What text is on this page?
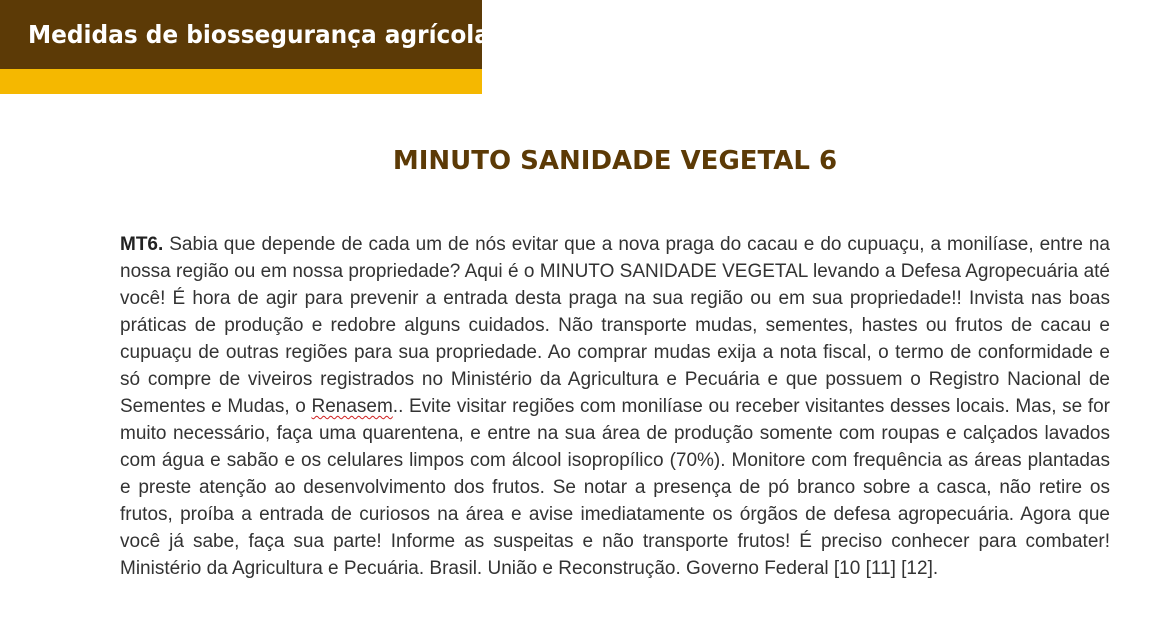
Medidas de biossegurança agrícola
MINUTO SANIDADE VEGETAL 6

MT6. Sabia que depende de cada um de nós evitar que a nova praga do cacau e do cupuaçu, a monilíase, entre na nossa região ou em nossa propriedade? Aqui é o MINUTO SANIDADE VEGETAL levando a Defesa Agropecuária até você! É hora de agir para prevenir a entrada desta praga na sua região ou em sua propriedade!! Invista nas boas práticas de produção e redobre alguns cuidados. Não transporte mudas, sementes, hastes ou frutos de cacau e cupuaçu de outras regiões para sua propriedade. Ao comprar mudas exija a nota fiscal, o termo de conformidade e só compre de viveiros registrados no Ministério da Agricultura e Pecuária e que possuem o Registro Nacional de Sementes e Mudas, o Renasem.. Evite visitar regiões com monilíase ou receber visitantes desses locais. Mas, se for muito necessário, faça uma quarentena, e entre na sua área de produção somente com roupas e calçados lavados com água e sabão e os celulares limpos com álcool isopropílico (70%). Monitore com frequência as áreas plantadas e preste atenção ao desenvolvimento dos frutos. Se notar a presença de pó branco sobre a casca, não retire os frutos, proíba a entrada de curiosos na área e avise imediatamente os órgãos de defesa agropecuária. Agora que você já sabe, faça sua parte! Informe as suspeitas e não transporte frutos! É preciso conhecer para combater! Ministério da Agricultura e Pecuária. Brasil. União e Reconstrução. Governo Federal [10 [11] [12].
